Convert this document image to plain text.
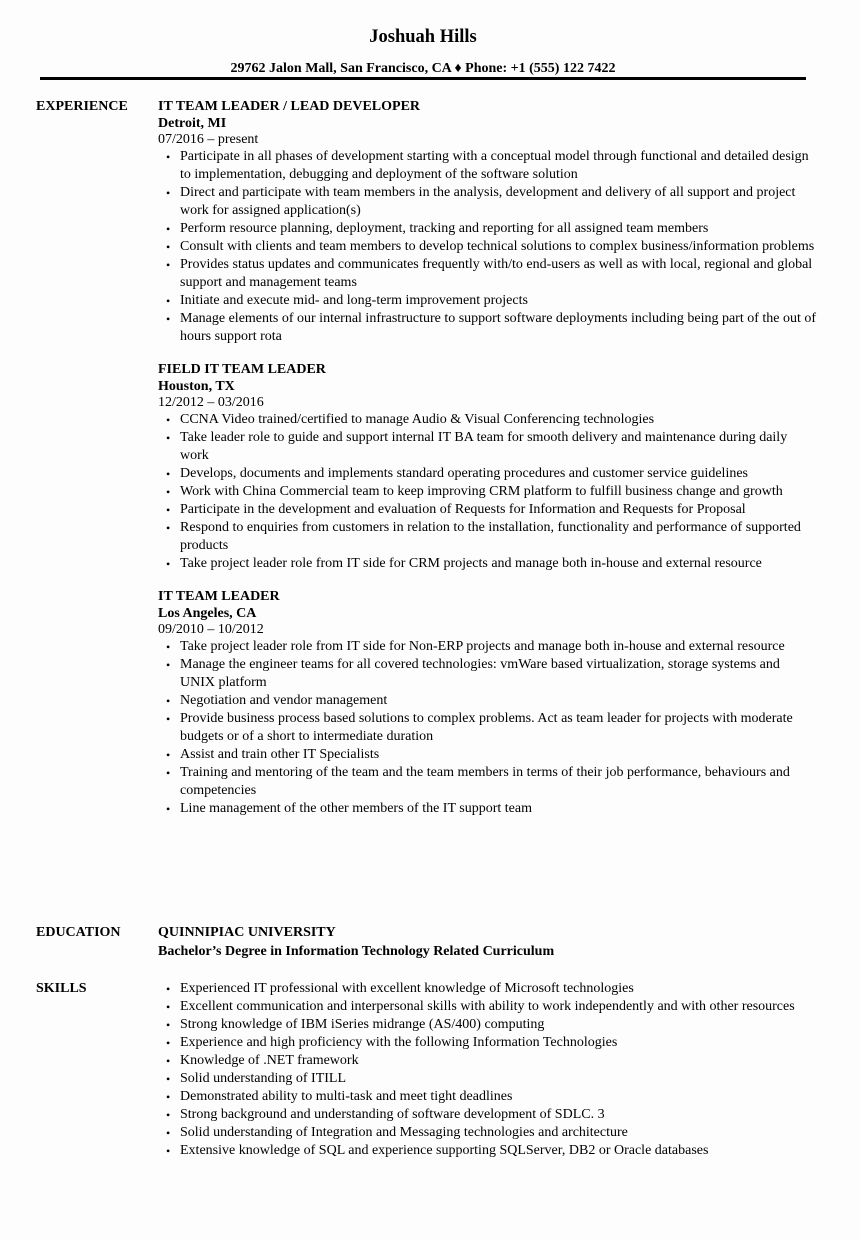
Joshuah Hills
29762 Jalon Mall, San Francisco, CA ♦ Phone: +1 (555) 122 7422
EXPERIENCE IT TEAM LEADER / LEAD DEVELOPER
Detroit, MI
07/2016 – present
• Participate in all phases of development starting with a conceptual model through functional and detailed design to implementation, debugging and deployment of the software solution
• Direct and participate with team members in the analysis, development and delivery of all support and project work for assigned application(s)
• Perform resource planning, deployment, tracking and reporting for all assigned team members
• Consult with clients and team members to develop technical solutions to complex business/information problems
• Provides status updates and communicates frequently with/to end-users as well as with local, regional and global support and management teams
• Initiate and execute mid- and long-term improvement projects
• Manage elements of our internal infrastructure to support software deployments including being part of the out of hours support rota
FIELD IT TEAM LEADER
Houston, TX
12/2012 – 03/2016
• CCNA Video trained/certified to manage Audio & Visual Conferencing technologies
• Take leader role to guide and support internal IT BA team for smooth delivery and maintenance during daily work
• Develops, documents and implements standard operating procedures and customer service guidelines
• Work with China Commercial team to keep improving CRM platform to fulfill business change and growth
• Participate in the development and evaluation of Requests for Information and Requests for Proposal
• Respond to enquiries from customers in relation to the installation, functionality and performance of supported products
• Take project leader role from IT side for CRM projects and manage both in-house and external resource
IT TEAM LEADER
Los Angeles, CA
09/2010 – 10/2012
• Take project leader role from IT side for Non-ERP projects and manage both in-house and external resource
• Manage the engineer teams for all covered technologies: vmWare based virtualization, storage systems and UNIX platform
• Negotiation and vendor management
• Provide business process based solutions to complex problems. Act as team leader for projects with moderate budgets or of a short to intermediate duration
• Assist and train other IT Specialists
• Training and mentoring of the team and the team members in terms of their job performance, behaviours and competencies
• Line management of the other members of the IT support team
EDUCATION	QUINNIPIAC UNIVERSITY
Bachelor’s Degree in Information Technology Related Curriculum
SKILLS	• Experienced IT professional with excellent knowledge of Microsoft technologies
• Excellent communication and interpersonal skills with ability to work independently and with other resources
• Strong knowledge of IBM iSeries midrange (AS/400) computing
• Experience and high proficiency with the following Information Technologies
• Knowledge of .NET framework
• Solid understanding of ITILL
• Demonstrated ability to multi-task and meet tight deadlines
• Strong background and understanding of software development of SDLC. 3
• Solid understanding of Integration and Messaging technologies and architecture
• Extensive knowledge of SQL and experience supporting SQLServer, DB2 or Oracle databases
